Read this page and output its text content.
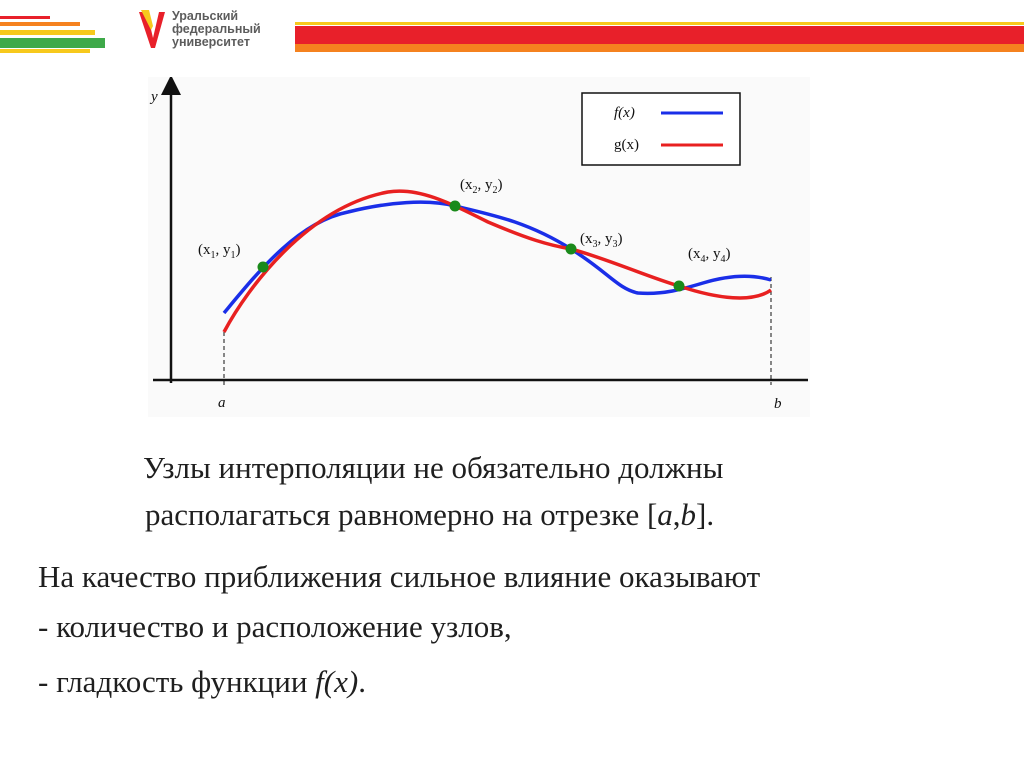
Уральский
федеральный
университет
y
a	b
($x_1$, $y_1$)
($x_2$, $y_2$)
($x_3$, $y_3$)
($x_4$, $y_4$)
f(x)
g(x)
Узлы интерполяции не обязательно должны
располагаться равномерно на отрезке [a,b].
На качество приближения сильное влияние оказывают
- количество и расположение узлов,
- гладкость функции f(x).
